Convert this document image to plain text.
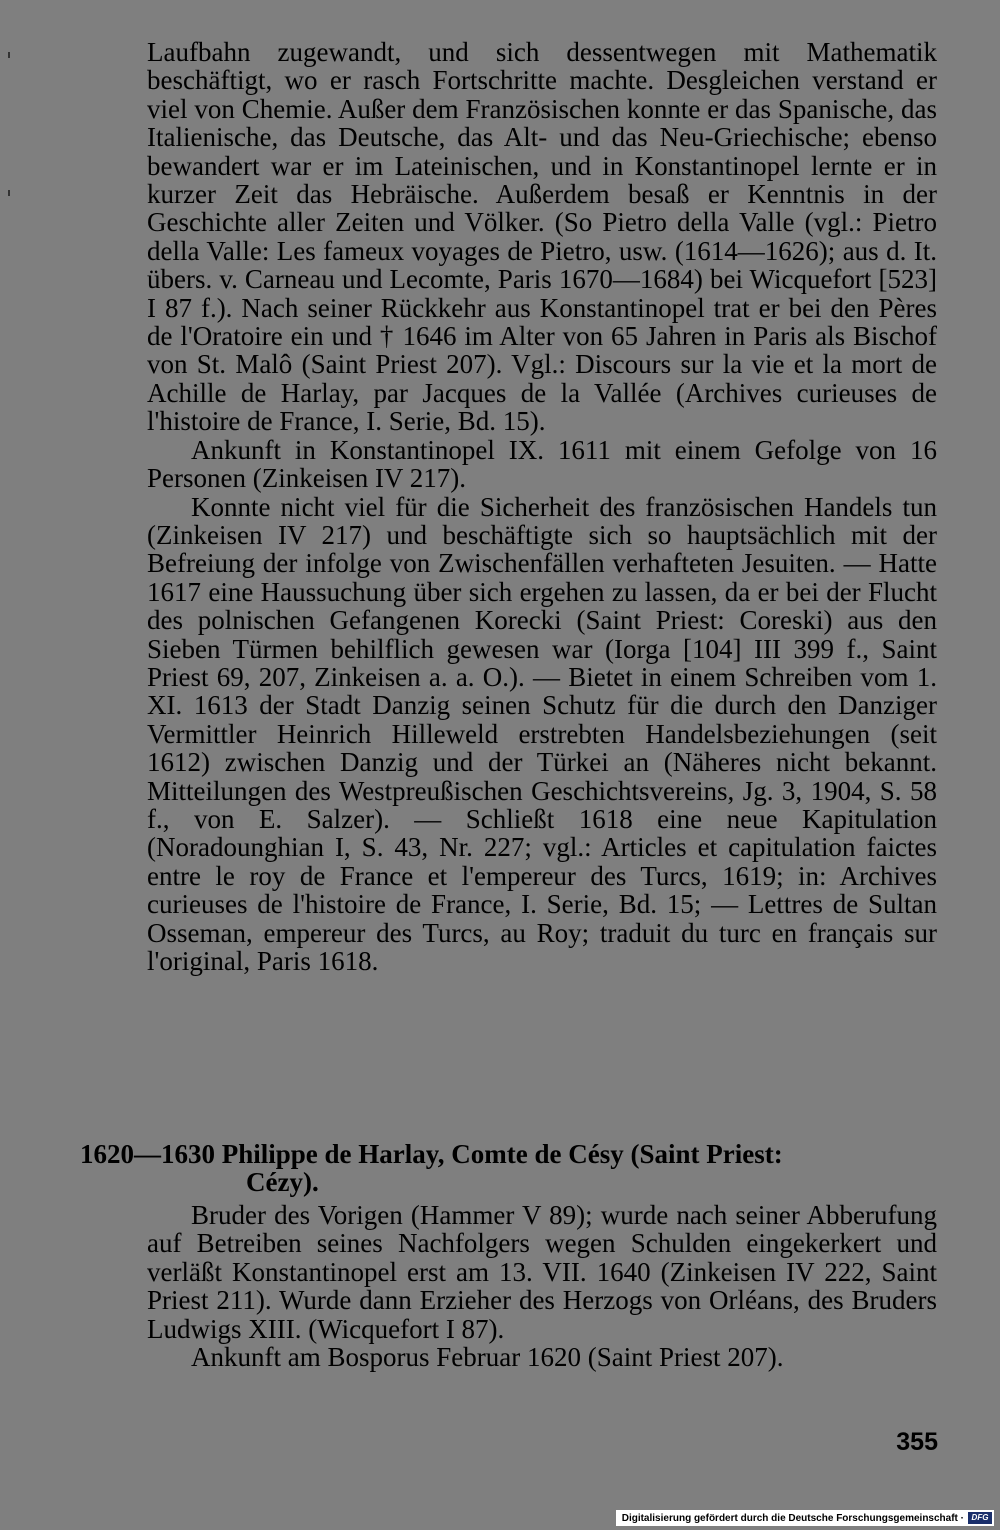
Laufbahn zugewandt, und sich dessentwegen mit Mathematik beschäftigt, wo er rasch Fortschritte machte. Desgleichen verstand er viel von Chemie. Außer dem Französischen konnte er das Spanische, das Italienische, das Deutsche, das Alt- und das Neu-Griechische; ebenso bewandert war er im Lateinischen, und in Konstantinopel lernte er in kurzer Zeit das Hebräische. Außerdem besaß er Kenntnis in der Geschichte aller Zeiten und Völker. (So Pietro della Valle (vgl.: Pietro della Valle: Les fameux voyages de Pietro, usw. (1614—1626); aus d. It. übers. v. Carneau und Lecomte, Paris 1670—1684) bei Wicquefort [523] I 87 f.). Nach seiner Rückkehr aus Konstantinopel trat er bei den Pères de l'Oratoire ein und † 1646 im Alter von 65 Jahren in Paris als Bischof von St. Malô (Saint Priest 207). Vgl.: Discours sur la vie et la mort de Achille de Harlay, par Jacques de la Vallée (Archives curieuses de l'histoire de France, I. Serie, Bd. 15).

Ankunft in Konstantinopel IX. 1611 mit einem Gefolge von 16 Personen (Zinkeisen IV 217).

Konnte nicht viel für die Sicherheit des französischen Handels tun (Zinkeisen IV 217) und beschäftigte sich so hauptsächlich mit der Befreiung der infolge von Zwischenfällen verhafteten Jesuiten. — Hatte 1617 eine Haussuchung über sich ergehen zu lassen, da er bei der Flucht des polnischen Gefangenen Korecki (Saint Priest: Coreski) aus den Sieben Türmen behilflich gewesen war (Iorga [104] III 399 f., Saint Priest 69, 207, Zinkeisen a. a. O.). — Bietet in einem Schreiben vom 1. XI. 1613 der Stadt Danzig seinen Schutz für die durch den Danziger Vermittler Heinrich Hilleweld erstrebten Handelsbeziehungen (seit 1612) zwischen Danzig und der Türkei an (Näheres nicht bekannt. Mitteilungen des Westpreußischen Geschichtsvereins, Jg. 3, 1904, S. 58 f., von E. Salzer). — Schließt 1618 eine neue Kapitulation (Noradounghian I, S. 43, Nr. 227; vgl.: Articles et capitulation faictes entre le roy de France et l'empereur des Turcs, 1619; in: Archives curieuses de l'histoire de France, I. Serie, Bd. 15; — Lettres de Sultan Osseman, empereur des Turcs, au Roy; traduit du turc en français sur l'original, Paris 1618.

1620—1630 Philippe de Harlay, Comte de Césy (Saint Priest:
Cézy).

Bruder des Vorigen (Hammer V 89); wurde nach seiner Abberufung auf Betreiben seines Nachfolgers wegen Schulden eingekerkert und verläßt Konstantinopel erst am 13. VII. 1640 (Zinkeisen IV 222, Saint Priest 211). Wurde dann Erzieher des Herzogs von Orléans, des Bruders Ludwigs XIII. (Wicquefort I 87).

Ankunft am Bosporus Februar 1620 (Saint Priest 207).

355
Digitalisierung gefördert durch die Deutsche Forschungsgemeinschaft · DFG
